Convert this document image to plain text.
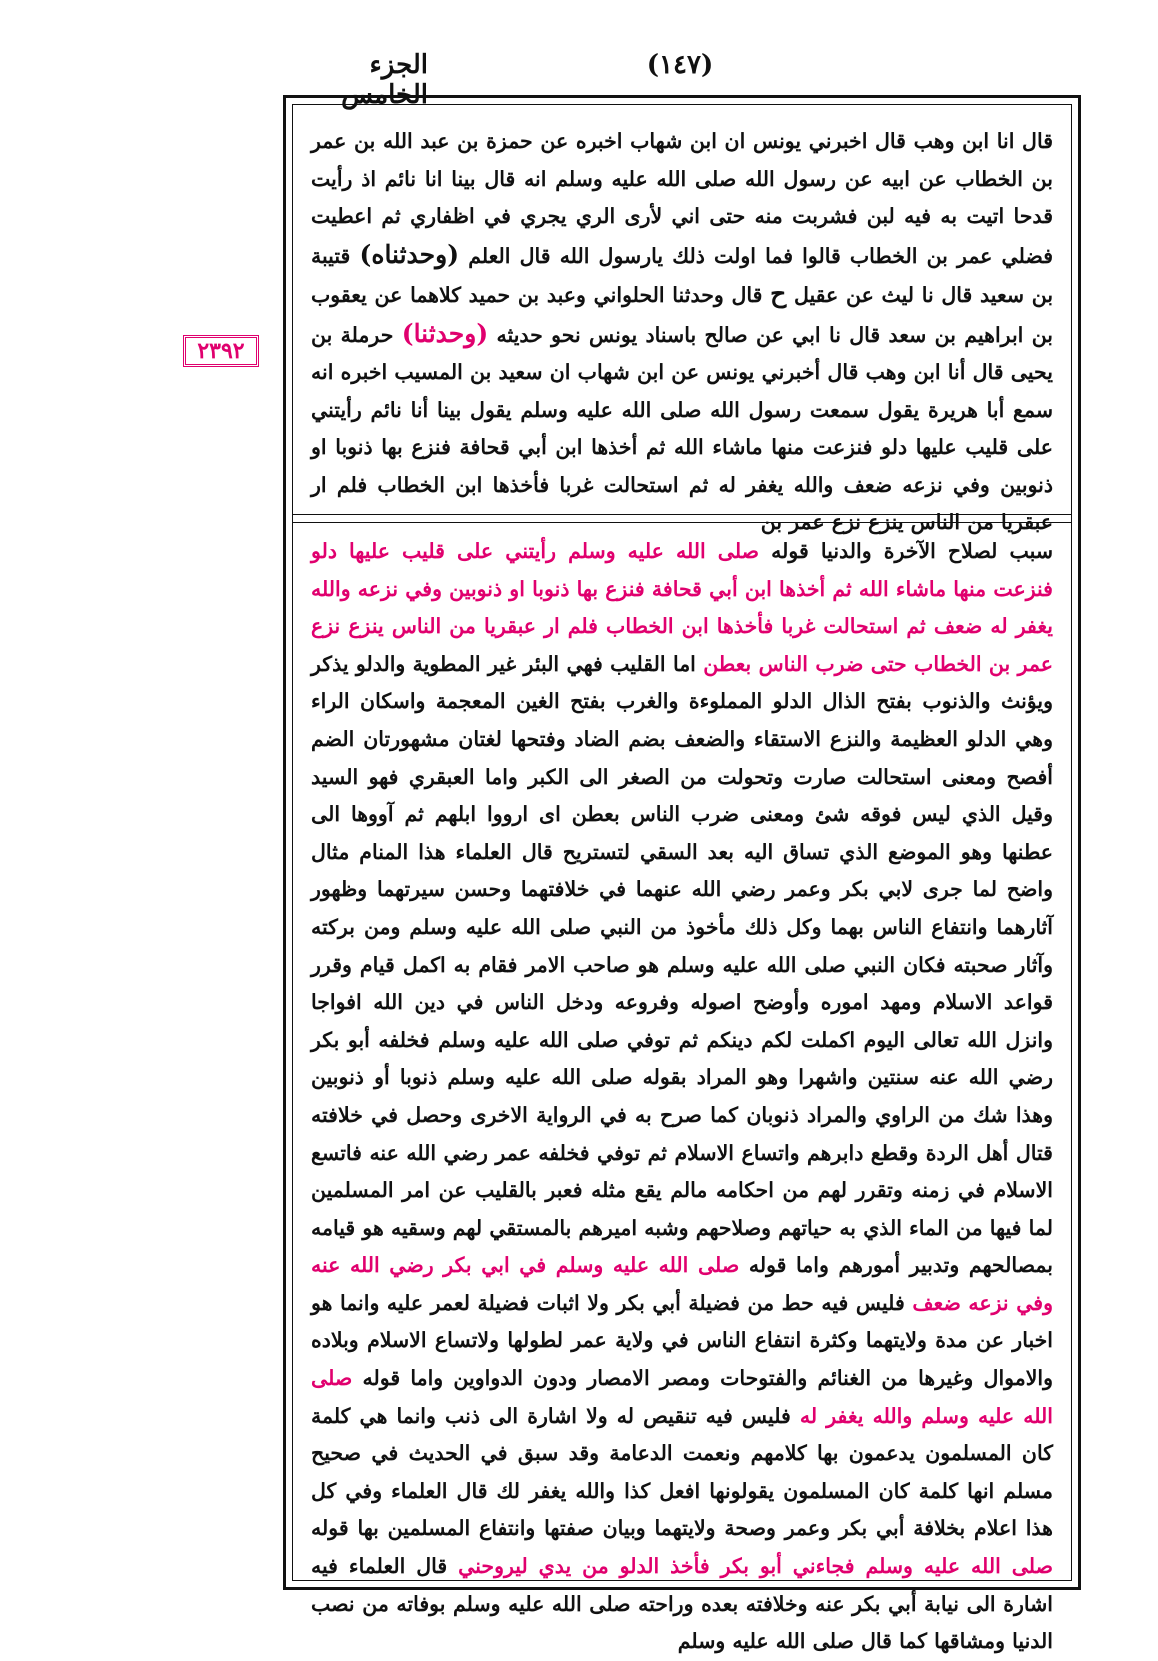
الجزء الخامس
(١٤٧)
٢٣٩٢

قال انا ابن وهب قال اخبرني يونس ان ابن شهاب اخبره عن حمزة بن عبد الله بن عمر بن الخطاب عن ابيه عن رسول الله صلى الله عليه وسلم انه قال بينا انا نائم اذ رأيت قدحا اتيت به فيه لبن فشربت منه حتى اني لأرى الري يجري في اظفاري ثم اعطيت فضلي عمر بن الخطاب قالوا فما اولت ذلك يارسول الله قال العلم (وحدثناه) قتيبة بن سعيد قال نا ليث عن عقيل ح قال وحدثنا الحلواني وعبد بن حميد كلاهما عن يعقوب بن ابراهيم بن سعد قال نا ابي عن صالح باسناد يونس نحو حديثه (وحدثنا) حرملة بن يحيى قال أنا ابن وهب قال أخبرني يونس عن ابن شهاب ان سعيد بن المسيب اخبره انه سمع أبا هريرة يقول سمعت رسول الله صلى الله عليه وسلم يقول بينا أنا نائم رأيتني على قليب عليها دلو فنزعت منها ماشاء الله ثم أخذها ابن أبي قحافة فنزع بها ذنوبا او ذنوبين وفي نزعه ضعف والله يغفر له ثم استحالت غربا فأخذها ابن الخطاب فلم ار عبقريا من الناس ينزع نزع عمر بن

سبب لصلاح الآخرة والدنيا قوله صلى الله عليه وسلم رأيتني على قليب عليها دلو فنزعت منها ماشاء الله ثم أخذها ابن أبي قحافة فنزع بها ذنوبا او ذنوبين وفي نزعه والله يغفر له ضعف ثم استحالت غربا فأخذها ابن الخطاب فلم ار عبقريا من الناس ينزع نزع عمر بن الخطاب حتى ضرب الناس بعطن اما القليب فهي البئر غير المطوية والدلو يذكر ويؤنث والذنوب بفتح الذال الدلو المملوءة والغرب بفتح الغين المعجمة واسكان الراء وهي الدلو العظيمة والنزع الاستقاء والضعف بضم الضاد وفتحها لغتان مشهورتان الضم أفصح ومعنى استحالت صارت وتحولت من الصغر الى الكبر واما العبقري فهو السيد وقيل الذي ليس فوقه شئ ومعنى ضرب الناس بعطن اى ارووا ابلهم ثم آووها الى عطنها وهو الموضع الذي تساق اليه بعد السقي لتستريح قال العلماء هذا المنام مثال واضح لما جرى لابي بكر وعمر رضي الله عنهما في خلافتهما وحسن سيرتهما وظهور آثارهما وانتفاع الناس بهما وكل ذلك مأخوذ من النبي صلى الله عليه وسلم ومن بركته وآثار صحبته فكان النبي صلى الله عليه وسلم هو صاحب الامر فقام به اكمل قيام وقرر قواعد الاسلام ومهد اموره وأوضح اصوله وفروعه ودخل الناس في دين الله افواجا وانزل الله تعالى اليوم اكملت لكم دينكم ثم توفي صلى الله عليه وسلم فخلفه أبو بكر رضي الله عنه سنتين واشهرا وهو المراد بقوله صلى الله عليه وسلم ذنوبا أو ذنوبين وهذا شك من الراوي والمراد ذنوبان كما صرح به في الرواية الاخرى وحصل في خلافته قتال أهل الردة وقطع دابرهم واتساع الاسلام ثم توفي فخلفه عمر رضي الله عنه فاتسع الاسلام في زمنه وتقرر لهم من احكامه مالم يقع مثله فعبر بالقليب عن امر المسلمين لما فيها من الماء الذي به حياتهم وصلاحهم وشبه اميرهم بالمستقي لهم وسقيه هو قيامه بمصالحهم وتدبير أمورهم واما قوله صلى الله عليه وسلم في ابي بكر رضي الله عنه وفي نزعه ضعف فليس فيه حط من فضيلة أبي بكر ولا اثبات فضيلة لعمر عليه وانما هو اخبار عن مدة ولايتهما وكثرة انتفاع الناس في ولاية عمر لطولها ولاتساع الاسلام وبلاده والاموال وغيرها من الغنائم والفتوحات ومصر الامصار ودون الدواوين واما قوله صلى الله عليه وسلم والله يغفر له فليس فيه تنقيص له ولا اشارة الى ذنب وانما هي كلمة كان المسلمون يدعمون بها كلامهم ونعمت الدعامة وقد سبق في الحديث في صحيح مسلم انها كلمة كان المسلمون يقولونها افعل كذا والله يغفر لك قال العلماء وفي كل هذا اعلام بخلافة أبي بكر وعمر وصحة ولايتهما وبيان صفتها وانتفاع المسلمين بها قوله صلى الله عليه وسلم فجاءني أبو بكر فأخذ الدلو من يدي ليروحني قال العلماء فيه اشارة الى نيابة أبي بكر عنه وخلافته بعده وراحته صلى الله عليه وسلم بوفاته من نصب الدنيا ومشاقها كما قال صلى الله عليه وسلم
